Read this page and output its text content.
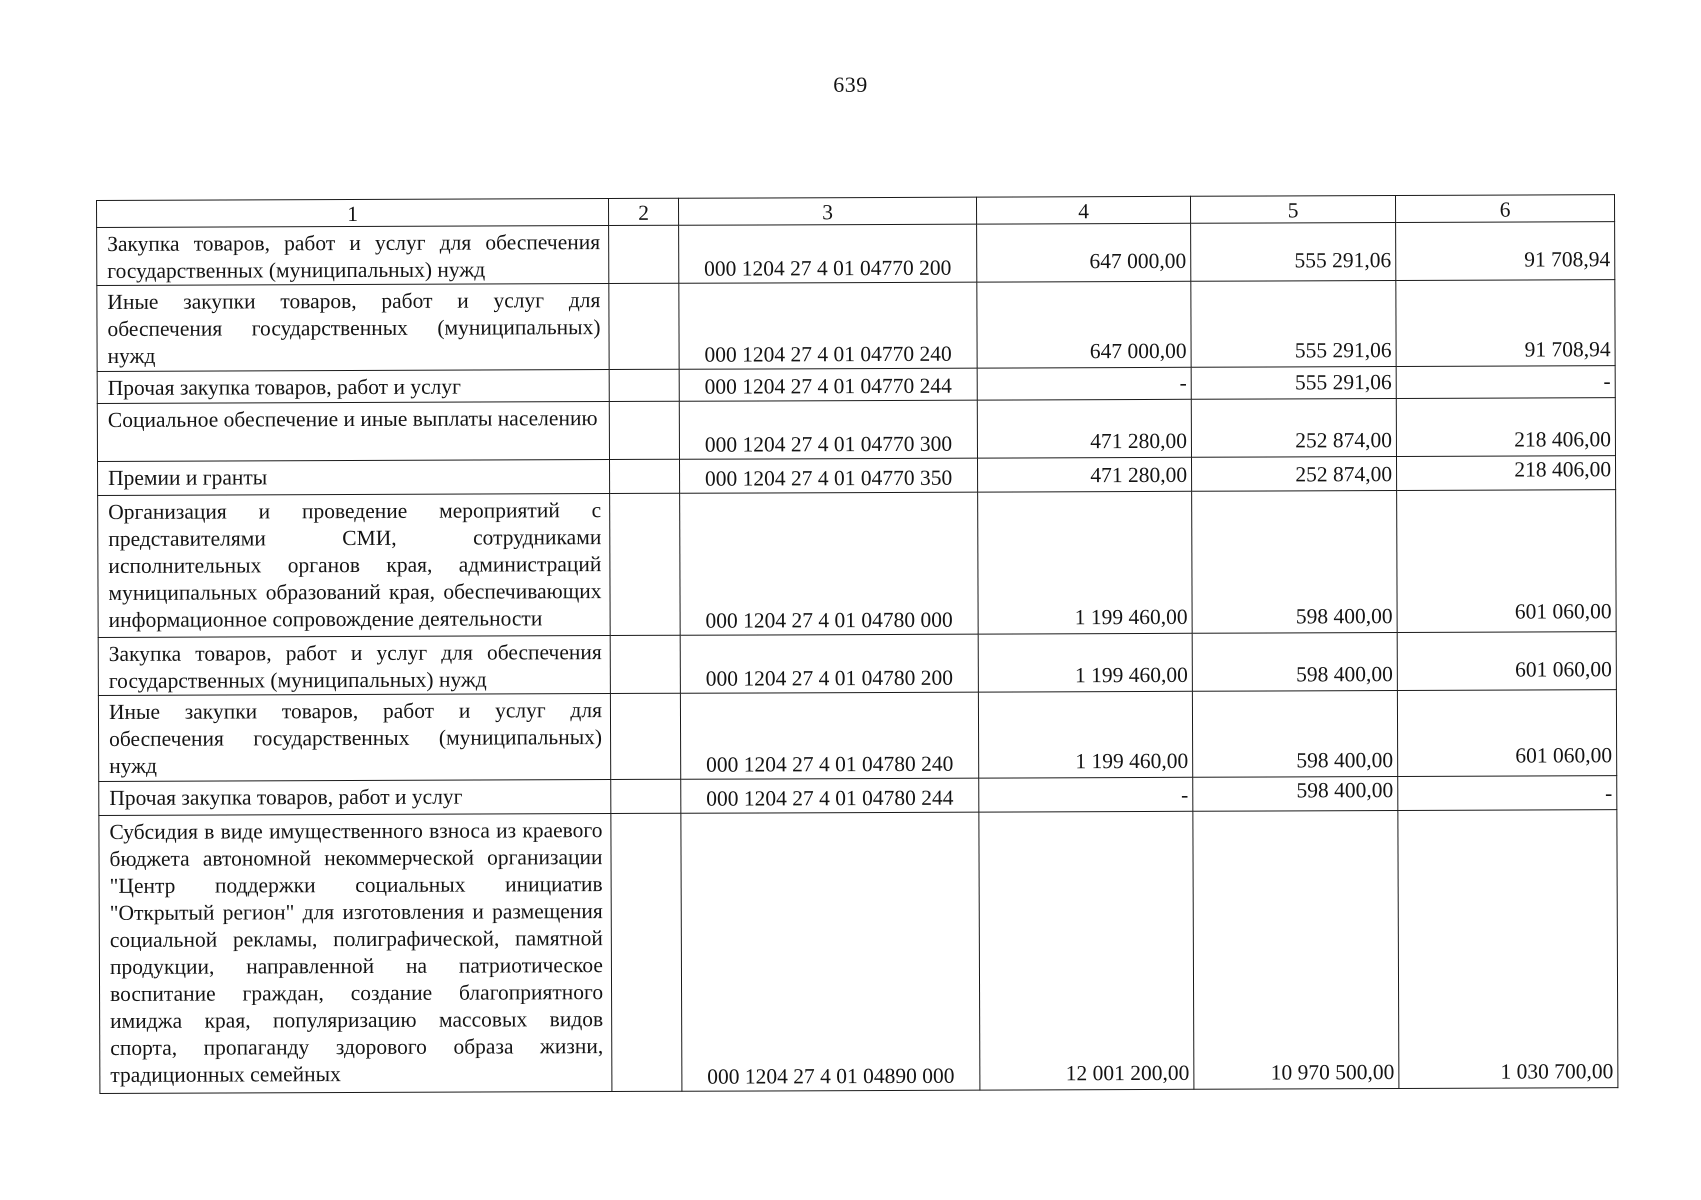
639
1	2	3	4	5	6
Закупка товаров, работ и услуг для обеспечения государственных (муниципальных) нужд		000 1204 27 4 01 04770 200	647 000,00	555 291,06	91 708,94
Иные закупки товаров, работ и услуг для обеспечения государственных (муниципальных) нужд		000 1204 27 4 01 04770 240	647 000,00	555 291,06	91 708,94
Прочая закупка товаров, работ и услуг		000 1204 27 4 01 04770 244	-	555 291,06	-
Социальное обеспечение и иные выплаты населению		000 1204 27 4 01 04770 300	471 280,00	252 874,00	218 406,00
Премии и гранты		000 1204 27 4 01 04770 350	471 280,00	252 874,00	218 406,00
Организация и проведение мероприятий с представителями СМИ, сотрудниками исполнительных органов края, администраций муниципальных образований края, обеспечивающих информационное сопровождение деятельности		000 1204 27 4 01 04780 000	1 199 460,00	598 400,00	601 060,00
Закупка товаров, работ и услуг для обеспечения государственных (муниципальных) нужд		000 1204 27 4 01 04780 200	1 199 460,00	598 400,00	601 060,00
Иные закупки товаров, работ и услуг для обеспечения государственных (муниципальных) нужд		000 1204 27 4 01 04780 240	1 199 460,00	598 400,00	601 060,00
Прочая закупка товаров, работ и услуг		000 1204 27 4 01 04780 244	-	598 400,00	-
Субсидия в виде имущественного взноса из краевого бюджета автономной некоммерческой организации "Центр поддержки социальных инициатив "Открытый регион" для изготовления и размещения социальной рекламы, полиграфической, памятной продукции, направленной на патриотическое воспитание граждан, создание благоприятного имиджа края, популяризацию массовых видов спорта, пропаганду здорового образа жизни, традиционных семейных		000 1204 27 4 01 04890 000	12 001 200,00	10 970 500,00	1 030 700,00
